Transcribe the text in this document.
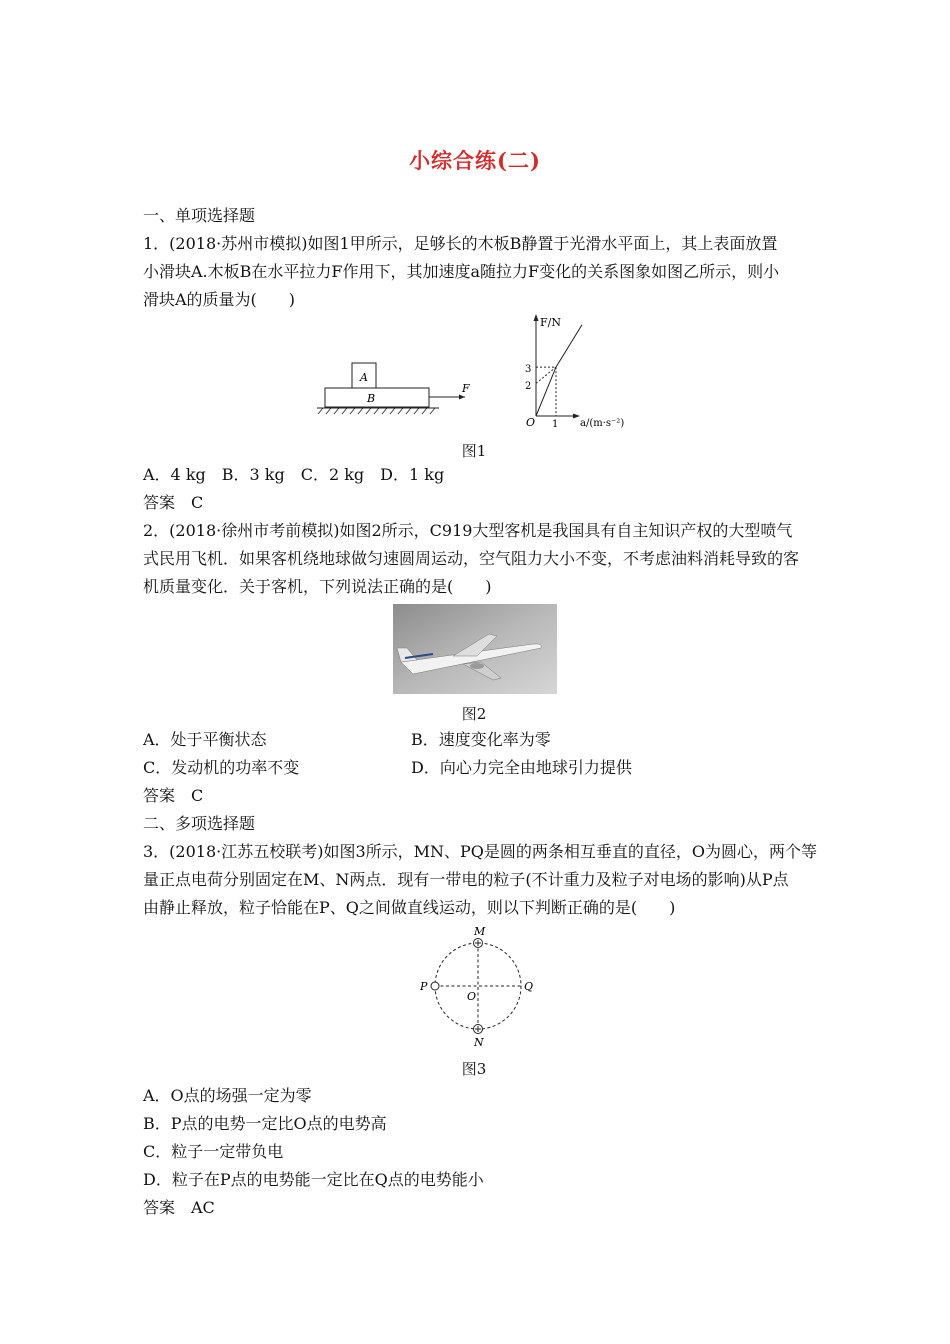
小综合练(二)
一、单项选择题
1．(2018·苏州市模拟)如图1甲所示，足够长的木板B静置于光滑水平面上，其上表面放置
小滑块A.木板B在水平拉力F作用下，其加速度a随拉力F变化的关系图象如图乙所示，则小
滑块A的质量为(　　)
A
B
F
F/N
a/(m·s⁻²)
O
3
2
1
图1
A．4 kg　B．3 kg　C．2 kg　D．1 kg
答案　C
2．(2018·徐州市考前模拟)如图2所示，C919大型客机是我国具有自主知识产权的大型喷气
式民用飞机．如果客机绕地球做匀速圆周运动，空气阻力大小不变，不考虑油料消耗导致的客
机质量变化．关于客机，下列说法正确的是(　　)
图2
A．处于平衡状态	B．速度变化率为零
C．发动机的功率不变	D．向心力完全由地球引力提供
答案　C
二、多项选择题
3．(2018·江苏五校联考)如图3所示，MN、PQ是圆的两条相互垂直的直径，O为圆心，两个等
量正点电荷分别固定在M、N两点．现有一带电的粒子(不计重力及粒子对电场的影响)从P点
由静止释放，粒子恰能在P、Q之间做直线运动，则以下判断正确的是(　　)
M
N
P	Q
O
图3
A．O点的场强一定为零
B．P点的电势一定比O点的电势高
C．粒子一定带负电
D．粒子在P点的电势能一定比在Q点的电势能小
答案　AC
